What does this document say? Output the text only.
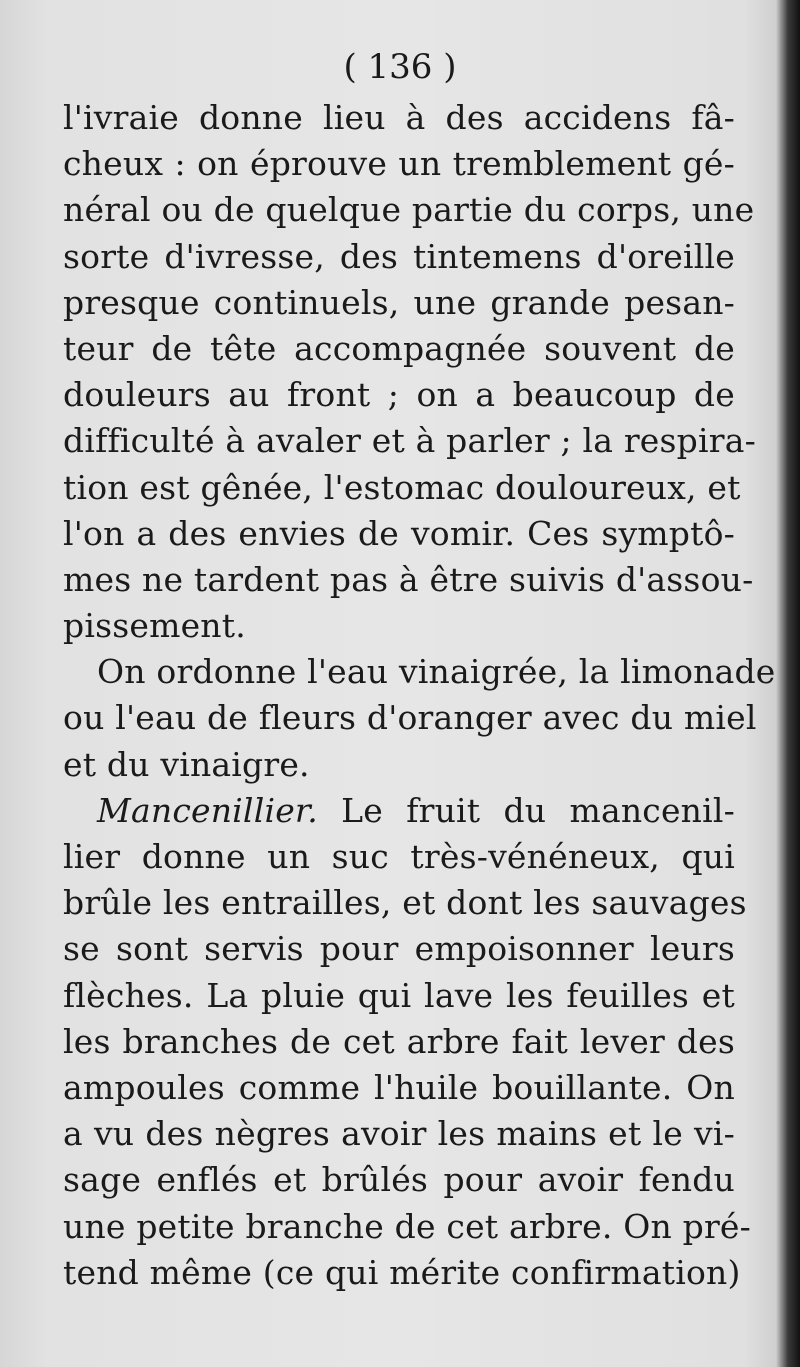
( 136 )
l'ivraie donne lieu à des accidens fâ-
cheux : on éprouve un tremblement gé-
néral ou de quelque partie du corps, une
sorte d'ivresse, des tintemens d'oreille
presque continuels, une grande pesan-
teur de tête accompagnée souvent de
douleurs au front ; on a beaucoup de
difficulté à avaler et à parler ; la respira-
tion est gênée, l'estomac douloureux, et
l'on a des envies de vomir. Ces symptô-
mes ne tardent pas à être suivis d'assou-
pissement.
On ordonne l'eau vinaigrée, la limonade
ou l'eau de fleurs d'oranger avec du miel
et du vinaigre.
Mancenillier. Le fruit du mancenil-
lier donne un suc très-vénéneux, qui
brûle les entrailles, et dont les sauvages
se sont servis pour empoisonner leurs
flèches. La pluie qui lave les feuilles et
les branches de cet arbre fait lever des
ampoules comme l'huile bouillante. On
a vu des nègres avoir les mains et le vi-
sage enflés et brûlés pour avoir fendu
une petite branche de cet arbre. On pré-
tend même (ce qui mérite confirmation)
